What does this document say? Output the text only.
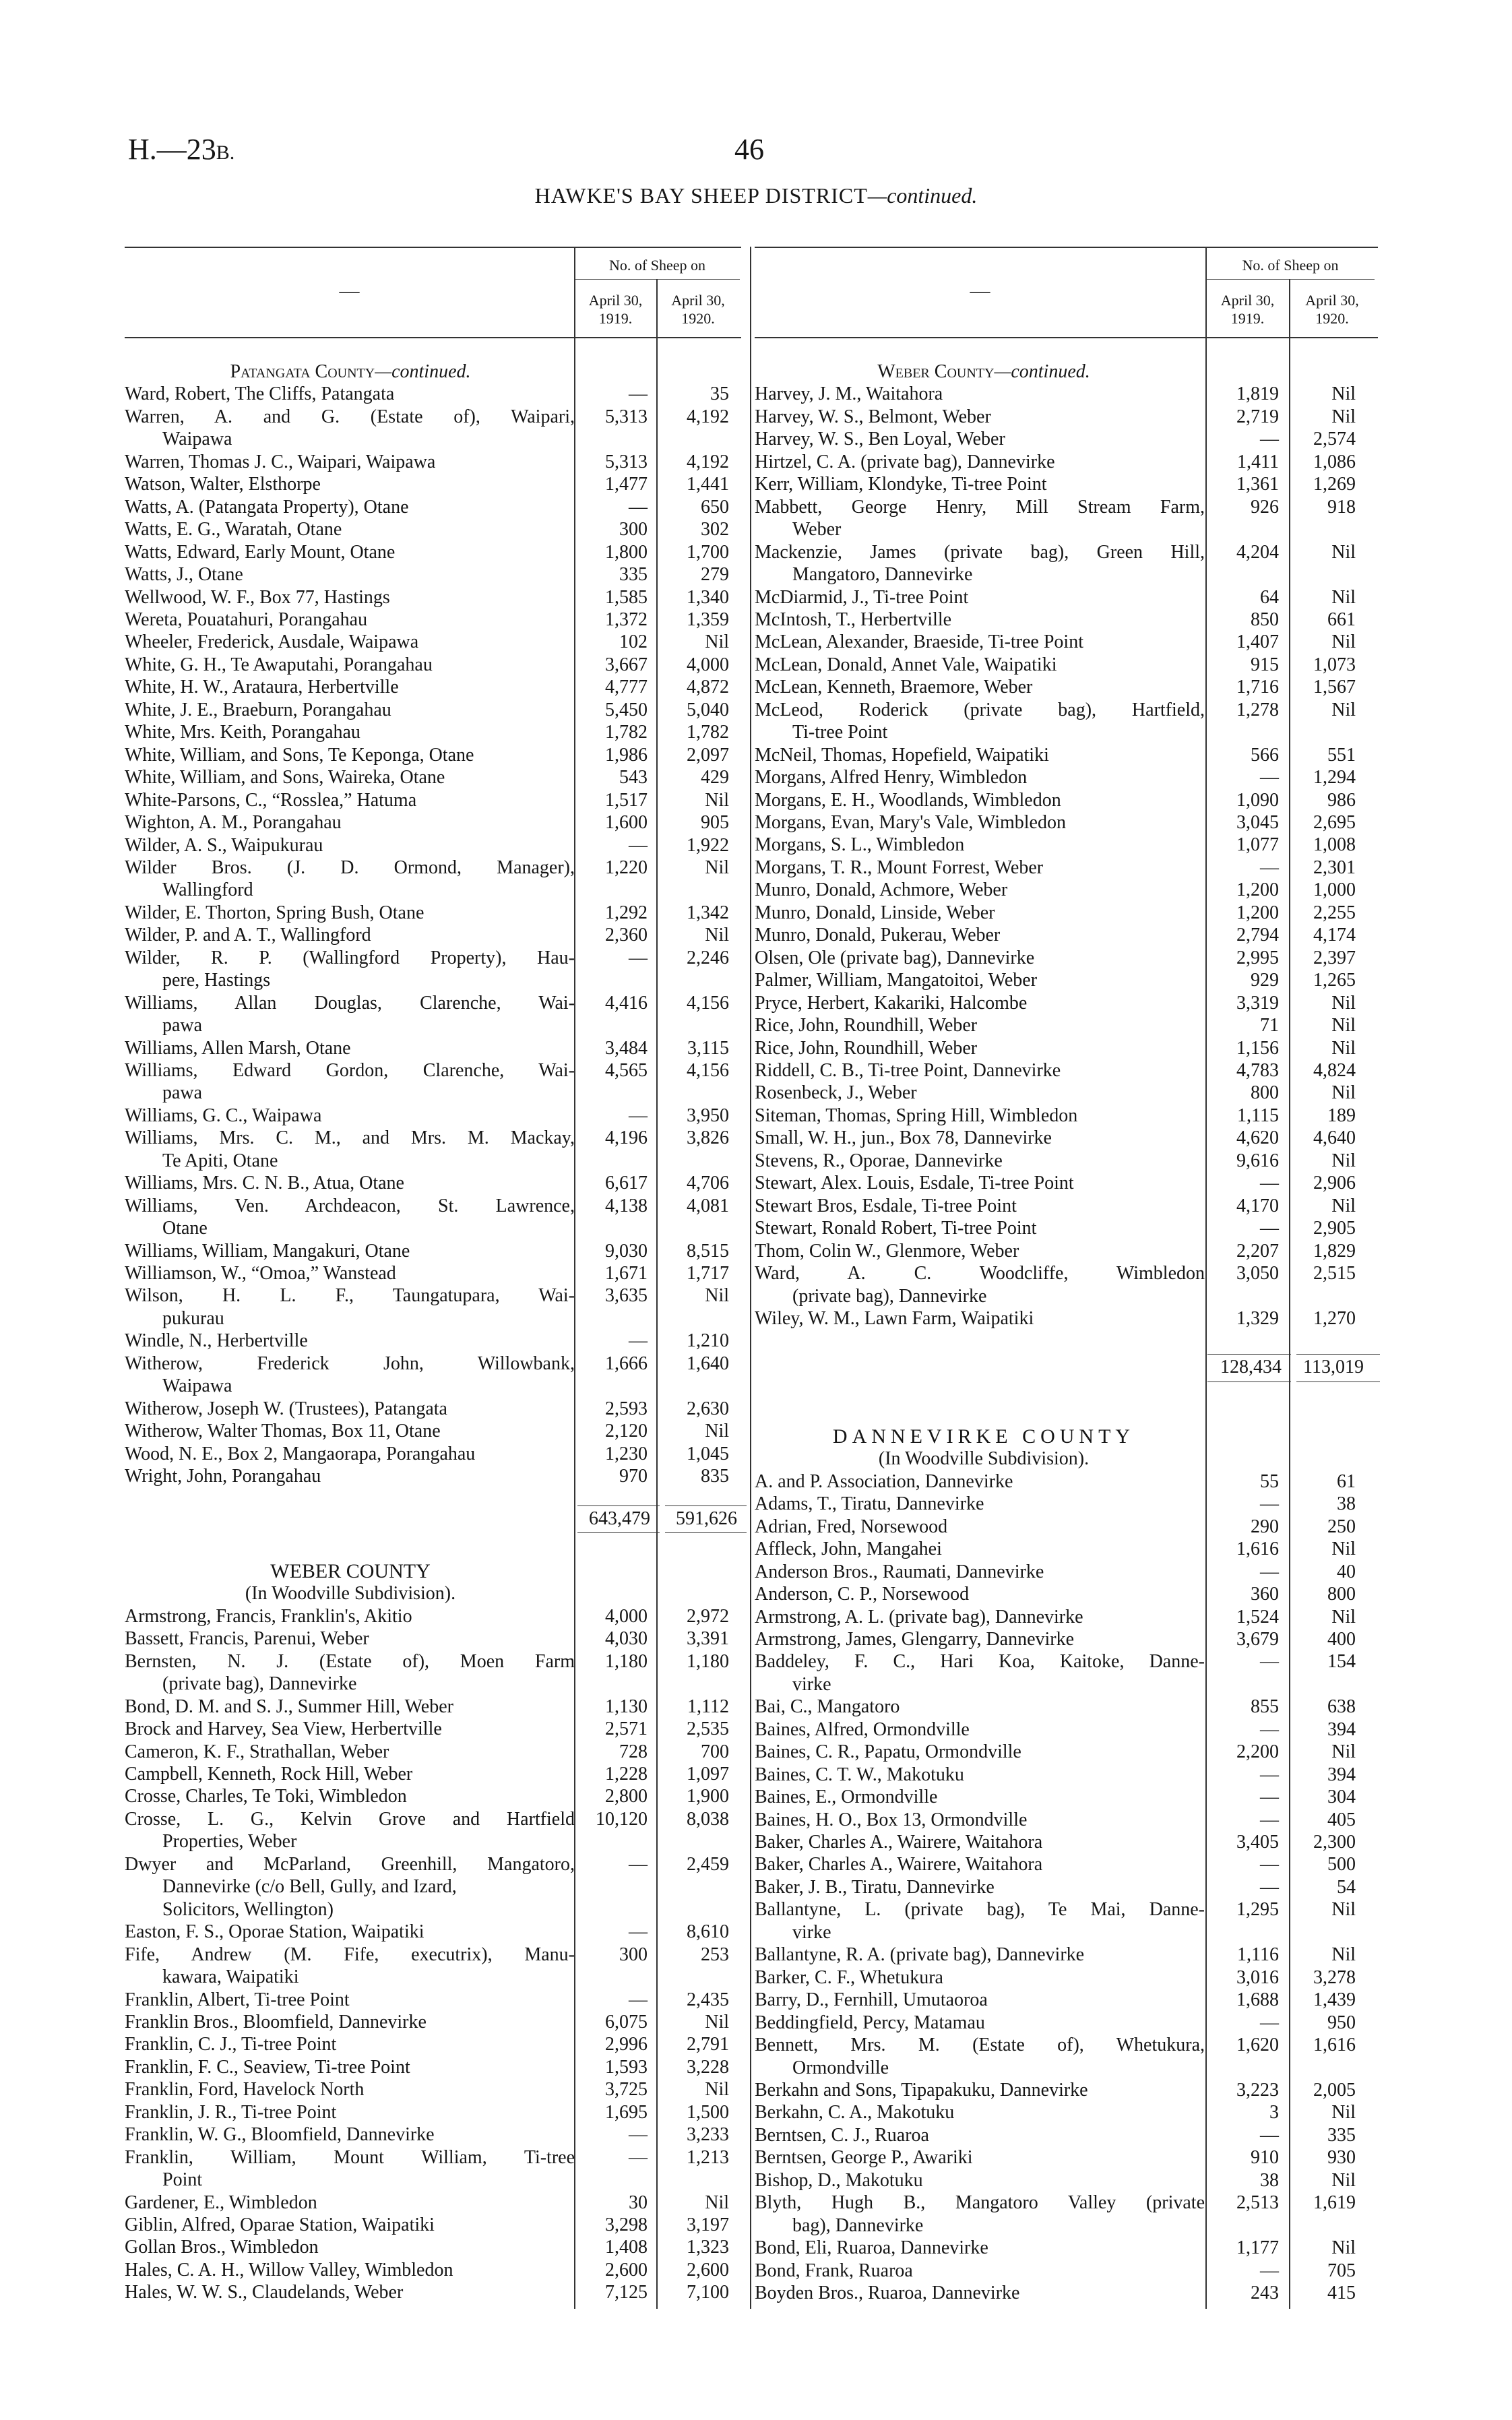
H.—23B.	46
HAWKE'S BAY SHEEP DISTRICT—continued.
—
No. of Sheep on
April 30,
1919.
April 30,
1920.
—
No. of Sheep on
April 30,
1919.
April 30,
1920.
Patangata County—continued.
Ward, Robert, The Cliffs, Patangata	—	35
Warren, A. and G. (Estate of), Waipari,
Waipawa
5,313	4,192
Warren, Thomas J. C., Waipari, Waipawa	5,313	4,192
Watson, Walter, Elsthorpe	1,477	1,441
Watts, A. (Patangata Property), Otane	—	650
Watts, E. G., Waratah, Otane	300	302
Watts, Edward, Early Mount, Otane	1,800	1,700
Watts, J., Otane	335	279
Wellwood, W. F., Box 77, Hastings	1,585	1,340
Wereta, Pouatahuri, Porangahau	1,372	1,359
Wheeler, Frederick, Ausdale, Waipawa	102	Nil
White, G. H., Te Awaputahi, Porangahau	3,667	4,000
White, H. W., Arataura, Herbertville	4,777	4,872
White, J. E., Braeburn, Porangahau	5,450	5,040
White, Mrs. Keith, Porangahau	1,782	1,782
White, William, and Sons, Te Keponga, Otane	1,986	2,097
White, William, and Sons, Waireka, Otane	543	429
White-Parsons, C., “Rosslea,” Hatuma	1,517	Nil
Wighton, A. M., Porangahau	1,600	905
Wilder, A. S., Waipukurau	—	1,922
Wilder Bros. (J. D. Ormond, Manager),
Wallingford
1,220	Nil
Wilder, E. Thorton, Spring Bush, Otane	1,292	1,342
Wilder, P. and A. T., Wallingford	2,360	Nil
Wilder, R. P. (Wallingford Property), Hau-
pere, Hastings
—	2,246
Williams, Allan Douglas, Clarenche, Wai-
pawa
4,416	4,156
Williams, Allen Marsh, Otane	3,484	3,115
Williams, Edward Gordon, Clarenche, Wai-
pawa
4,565	4,156
Williams, G. C., Waipawa	—	3,950
Williams, Mrs. C. M., and Mrs. M. Mackay,
Te Apiti, Otane
4,196	3,826
Williams, Mrs. C. N. B., Atua, Otane	6,617	4,706
Williams, Ven. Archdeacon, St. Lawrence,
Otane
4,138	4,081
Williams, William, Mangakuri, Otane	9,030	8,515
Williamson, W., “Omoa,” Wanstead	1,671	1,717
Wilson, H. L. F., Taungatupara, Wai-
pukurau
3,635	Nil
Windle, N., Herbertville	—	1,210
Witherow, Frederick John, Willowbank,
Waipawa
1,666	1,640
Witherow, Joseph W. (Trustees), Patangata	2,593	2,630
Witherow, Walter Thomas, Box 11, Otane	2,120	Nil
Wood, N. E., Box 2, Mangaorapa, Porangahau	1,230	1,045
Wright, John, Porangahau	970	835
643,479	591,626
WEBER COUNTY
(In Woodville Subdivision).
Armstrong, Francis, Franklin's, Akitio	4,000	2,972
Bassett, Francis, Parenui, Weber	4,030	3,391
Bernsten, N. J. (Estate of), Moen Farm
(private bag), Dannevirke
1,180	1,180
Bond, D. M. and S. J., Summer Hill, Weber	1,130	1,112
Brock and Harvey, Sea View, Herbertville	2,571	2,535
Cameron, K. F., Strathallan, Weber	728	700
Campbell, Kenneth, Rock Hill, Weber	1,228	1,097
Crosse, Charles, Te Toki, Wimbledon	2,800	1,900
Crosse, L. G., Kelvin Grove and Hartfield
Properties, Weber
10,120	8,038
Dwyer and McParland, Greenhill, Mangatoro,
Dannevirke (c/o Bell, Gully, and Izard,
Solicitors, Wellington)
—	2,459
Easton, F. S., Oporae Station, Waipatiki	—	8,610
Fife, Andrew (M. Fife, executrix), Manu-
kawara, Waipatiki
300	253
Franklin, Albert, Ti-tree Point	—	2,435
Franklin Bros., Bloomfield, Dannevirke	6,075	Nil
Franklin, C. J., Ti-tree Point	2,996	2,791
Franklin, F. C., Seaview, Ti-tree Point	1,593	3,228
Franklin, Ford, Havelock North	3,725	Nil
Franklin, J. R., Ti-tree Point	1,695	1,500
Franklin, W. G., Bloomfield, Dannevirke	—	3,233
Franklin, William, Mount William, Ti-tree
Point
—	1,213
Gardener, E., Wimbledon	30	Nil
Giblin, Alfred, Oparae Station, Waipatiki	3,298	3,197
Gollan Bros., Wimbledon	1,408	1,323
Hales, C. A. H., Willow Valley, Wimbledon	2,600	2,600
Hales, W. W. S., Claudelands, Weber	7,125	7,100
Weber County—continued.
Harvey, J. M., Waitahora	1,819	Nil
Harvey, W. S., Belmont, Weber	2,719	Nil
Harvey, W. S., Ben Loyal, Weber	—	2,574
Hirtzel, C. A. (private bag), Dannevirke	1,411	1,086
Kerr, William, Klondyke, Ti-tree Point	1,361	1,269
Mabbett, George Henry, Mill Stream Farm,
Weber
926	918
Mackenzie, James (private bag), Green Hill,
Mangatoro, Dannevirke
4,204	Nil
McDiarmid, J., Ti-tree Point	64	Nil
McIntosh, T., Herbertville	850	661
McLean, Alexander, Braeside, Ti-tree Point	1,407	Nil
McLean, Donald, Annet Vale, Waipatiki	915	1,073
McLean, Kenneth, Braemore, Weber	1,716	1,567
McLeod, Roderick (private bag), Hartfield,
Ti-tree Point
1,278	Nil
McNeil, Thomas, Hopefield, Waipatiki	566	551
Morgans, Alfred Henry, Wimbledon	—	1,294
Morgans, E. H., Woodlands, Wimbledon	1,090	986
Morgans, Evan, Mary's Vale, Wimbledon	3,045	2,695
Morgans, S. L., Wimbledon	1,077	1,008
Morgans, T. R., Mount Forrest, Weber	—	2,301
Munro, Donald, Achmore, Weber	1,200	1,000
Munro, Donald, Linside, Weber	1,200	2,255
Munro, Donald, Pukerau, Weber	2,794	4,174
Olsen, Ole (private bag), Dannevirke	2,995	2,397
Palmer, William, Mangatoitoi, Weber	929	1,265
Pryce, Herbert, Kakariki, Halcombe	3,319	Nil
Rice, John, Roundhill, Weber	71	Nil
Rice, John, Roundhill, Weber	1,156	Nil
Riddell, C. B., Ti-tree Point, Dannevirke	4,783	4,824
Rosenbeck, J., Weber	800	Nil
Siteman, Thomas, Spring Hill, Wimbledon	1,115	189
Small, W. H., jun., Box 78, Dannevirke	4,620	4,640
Stevens, R., Oporae, Dannevirke	9,616	Nil
Stewart, Alex. Louis, Esdale, Ti-tree Point	—	2,906
Stewart Bros, Esdale, Ti-tree Point	4,170	Nil
Stewart, Ronald Robert, Ti-tree Point	—	2,905
Thom, Colin W., Glenmore, Weber	2,207	1,829
Ward, A. C. Woodcliffe, Wimbledon
(private bag), Dannevirke
3,050	2,515
Wiley, W. M., Lawn Farm, Waipatiki	1,329	1,270
128,434	113,019
DANNEVIRKE COUNTY
(In Woodville Subdivision).
A. and P. Association, Dannevirke	55	61
Adams, T., Tiratu, Dannevirke	—	38
Adrian, Fred, Norsewood	290	250
Affleck, John, Mangahei	1,616	Nil
Anderson Bros., Raumati, Dannevirke	—	40
Anderson, C. P., Norsewood	360	800
Armstrong, A. L. (private bag), Dannevirke	1,524	Nil
Armstrong, James, Glengarry, Dannevirke	3,679	400
Baddeley, F. C., Hari Koa, Kaitoke, Danne-
virke
—	154
Bai, C., Mangatoro	855	638
Baines, Alfred, Ormondville	—	394
Baines, C. R., Papatu, Ormondville	2,200	Nil
Baines, C. T. W., Makotuku	—	394
Baines, E., Ormondville	—	304
Baines, H. O., Box 13, Ormondville	—	405
Baker, Charles A., Wairere, Waitahora	3,405	2,300
Baker, Charles A., Wairere, Waitahora	—	500
Baker, J. B., Tiratu, Dannevirke	—	54
Ballantyne, L. (private bag), Te Mai, Danne-
virke
1,295	Nil
Ballantyne, R. A. (private bag), Dannevirke	1,116	Nil
Barker, C. F., Whetukura	3,016	3,278
Barry, D., Fernhill, Umutaoroa	1,688	1,439
Beddingfield, Percy, Matamau	—	950
Bennett, Mrs. M. (Estate of), Whetukura,
Ormondville
1,620	1,616
Berkahn and Sons, Tipapakuku, Dannevirke	3,223	2,005
Berkahn, C. A., Makotuku	3	Nil
Berntsen, C. J., Ruaroa	—	335
Berntsen, George P., Awariki	910	930
Bishop, D., Makotuku	38	Nil
Blyth, Hugh B., Mangatoro Valley (private
bag), Dannevirke
2,513	1,619
Bond, Eli, Ruaroa, Dannevirke	1,177	Nil
Bond, Frank, Ruaroa	—	705
Boyden Bros., Ruaroa, Dannevirke	243	415
